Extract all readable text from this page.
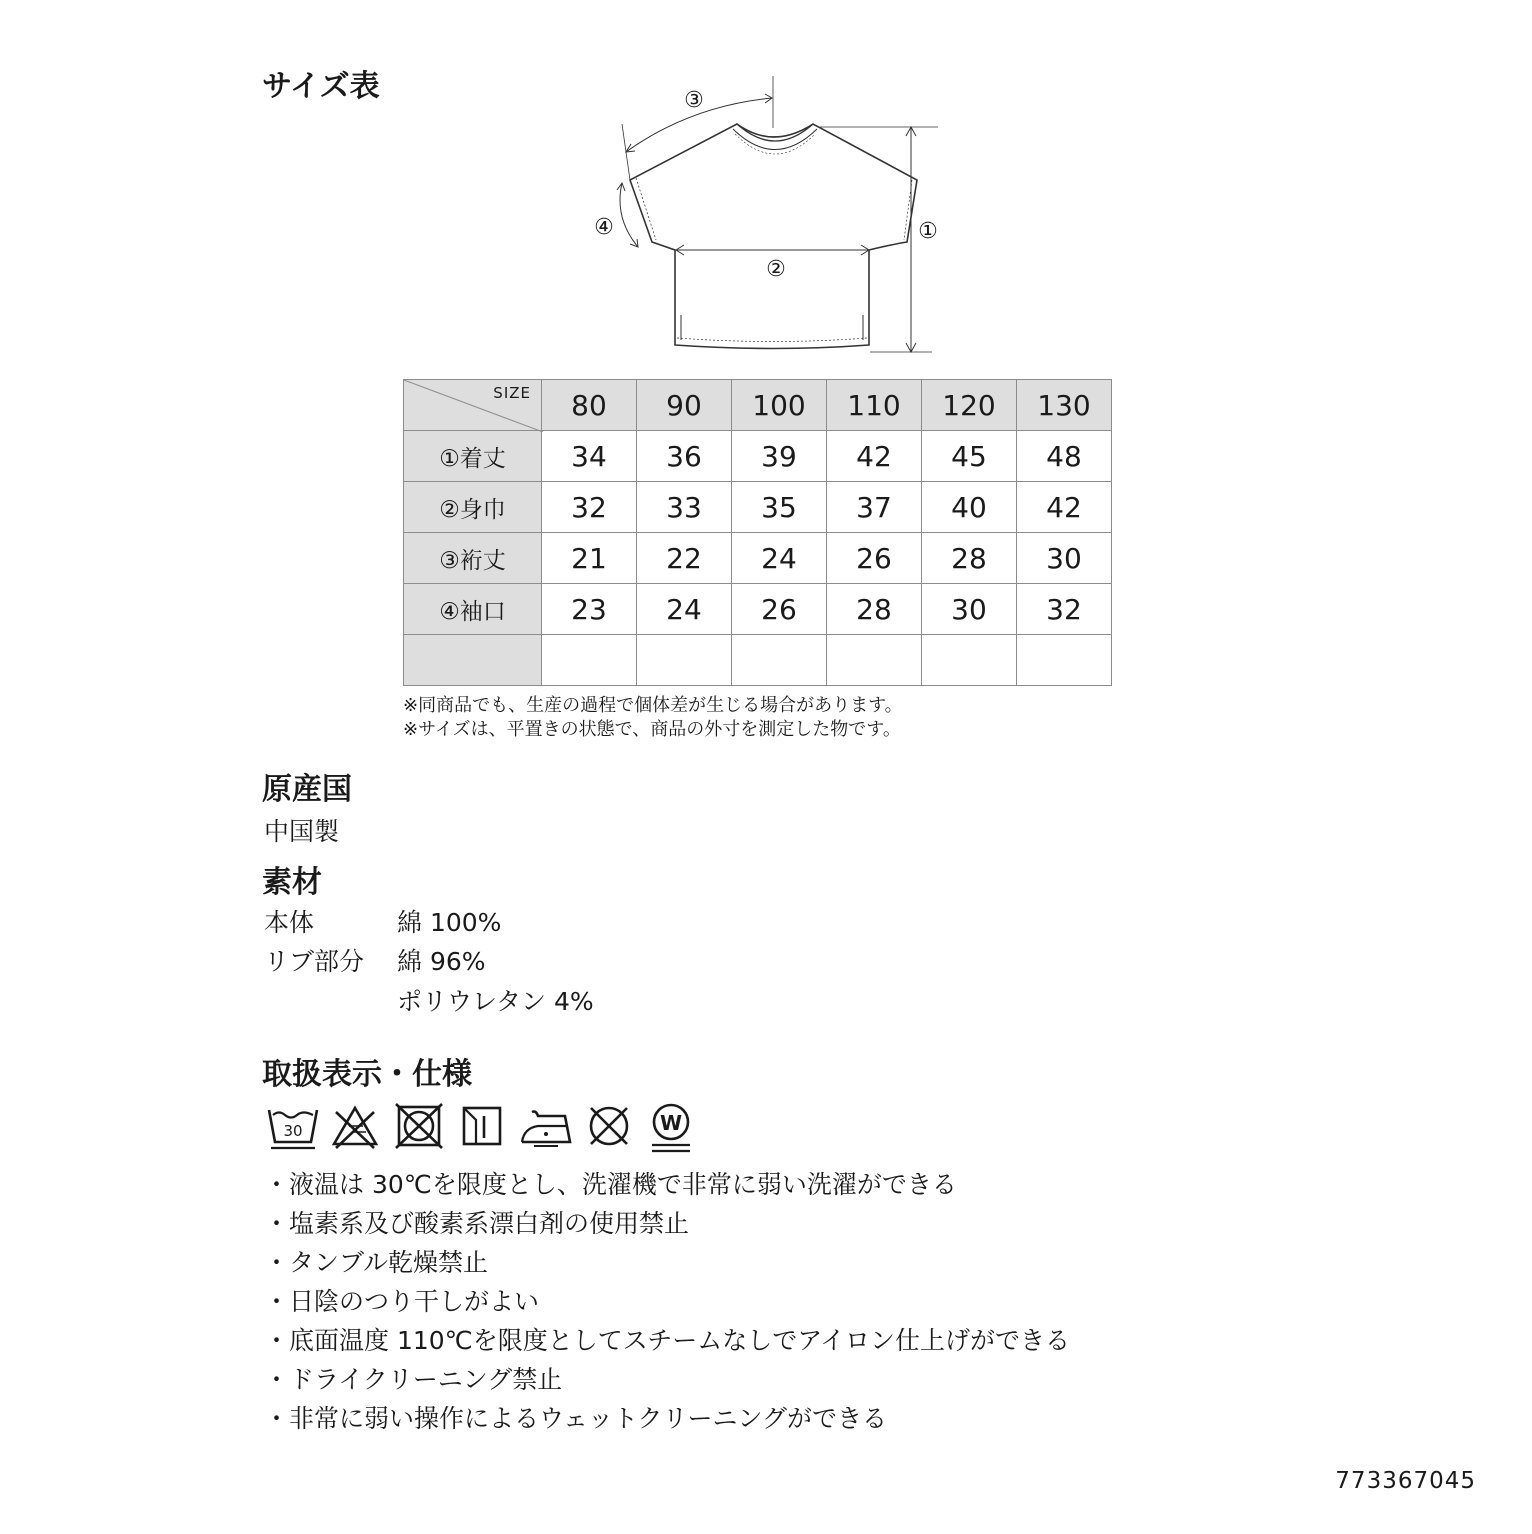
サイズ表
①
②
③
④
SIZE	80	90	100	110	120	130
①着丈	34	36	39	42	45	48
②身巾	32	33	35	37	40	42
③裄丈	21	22	24	26	28	30
④袖口	23	24	26	28	30	32

※同商品でも、生産の過程で個体差が生じる場合があります。
※サイズは、平置きの状態で、商品の外寸を測定した物です。
原産国
中国製
素材
本体	綿 100%
リブ部分 綿 96%
ポリウレタン 4%
取扱表示・仕様
30	W
・液温は 30℃を限度とし、洗濯機で非常に弱い洗濯ができる
・塩素系及び酸素系漂白剤の使用禁止
・タンブル乾燥禁止
・日陰のつり干しがよい
・底面温度 110℃を限度としてスチームなしでアイロン仕上げができる
・ドライクリーニング禁止
・非常に弱い操作によるウェットクリーニングができる
773367045
